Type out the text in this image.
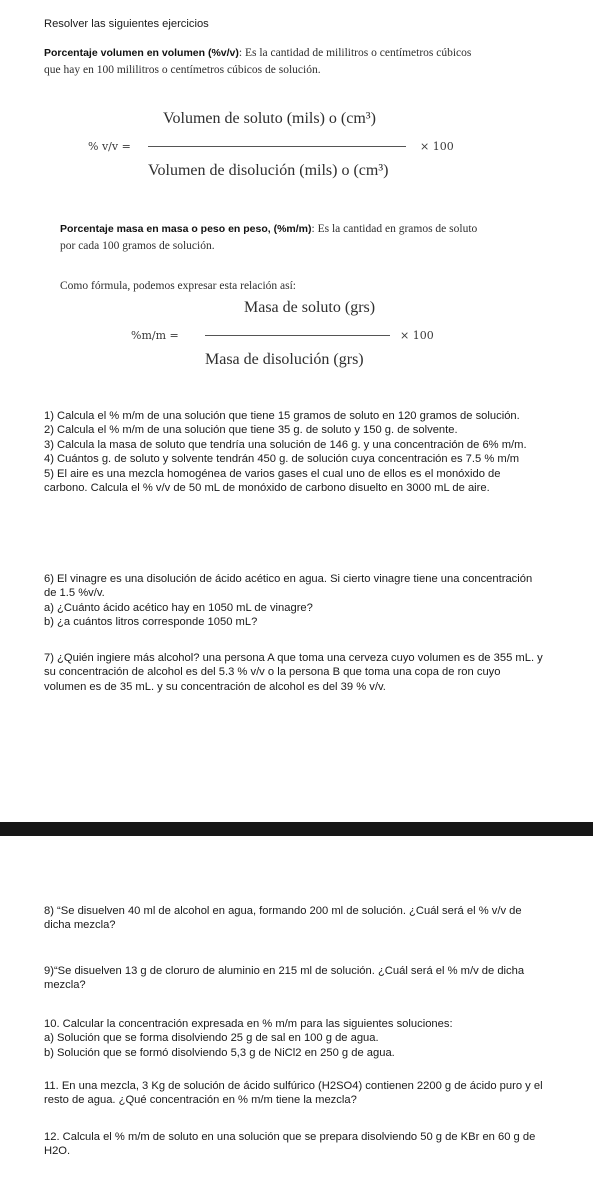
Resolver las siguientes ejercicios
Porcentaje volumen en volumen (%v/v): Es la cantidad de mililitros o centímetros cúbicos
que hay en 100 mililitros o centímetros cúbicos de solución.
% v/v =
Volumen de soluto (mils) o (cm³)
Volumen de disolución (mils) o (cm³)
× 100
Porcentaje masa en masa o peso en peso, (%m/m): Es la cantidad en gramos de soluto
por cada 100 gramos de solución.
Como fórmula, podemos expresar esta relación así:
%m/m =
Masa de soluto (grs)
Masa de disolución (grs)
× 100

1) Calcula el % m/m de una solución que tiene 15 gramos de soluto en 120 gramos de solución.

2) Calcula el % m/m de una solución que tiene 35 g. de soluto y 150 g. de solvente.

3) Calcula la masa de soluto que tendría una solución de 146 g. y una concentración de 6% m/m.

4) Cuántos g. de soluto y solvente tendrán 450 g. de solución cuya concentración es 7.5 % m/m

5) El aire es una mezcla homogénea de varios gases el cual uno de ellos es el monóxido de carbono. Calcula el % v/v de 50 mL de monóxido de carbono disuelto en 3000 mL de aire.

6) El vinagre es una disolución de ácido acético en agua. Si cierto vinagre tiene una concentración de 1.5 %v/v.

a) ¿Cuánto ácido acético hay en 1050 mL de vinagre?

b) ¿a cuántos litros corresponde 1050 mL?

7) ¿Quién ingiere más alcohol? una persona A que toma una cerveza cuyo volumen es de 355 mL. y su concentración de alcohol es del 5.3 % v/v o la persona B que toma una copa de ron cuyo volumen es de 35 mL. y su concentración de alcohol es del 39 % v/v.
8) “Se disuelven 40 ml de alcohol en agua, formando 200 ml de solución. ¿Cuál será el % v/v de dicha mezcla?
9)“Se disuelven 13 g de cloruro de aluminio en 215 ml de solución. ¿Cuál será el % m/v de dicha mezcla?

10. Calcular la concentración expresada en % m/m para las siguientes soluciones:

a) Solución que se forma disolviendo 25 g de sal en 100 g de agua.

b) Solución que se formó disolviendo 5,3 g de NiCl2 en 250 g de agua.

11. En una mezcla, 3 Kg de solución de ácido sulfúrico (H2SO4) contienen 2200 g de ácido puro y el resto de agua. ¿Qué concentración en % m/m tiene la mezcla?
12. Calcula el % m/m de soluto en una solución que se prepara disolviendo 50 g de KBr en 60 g de H2O.
